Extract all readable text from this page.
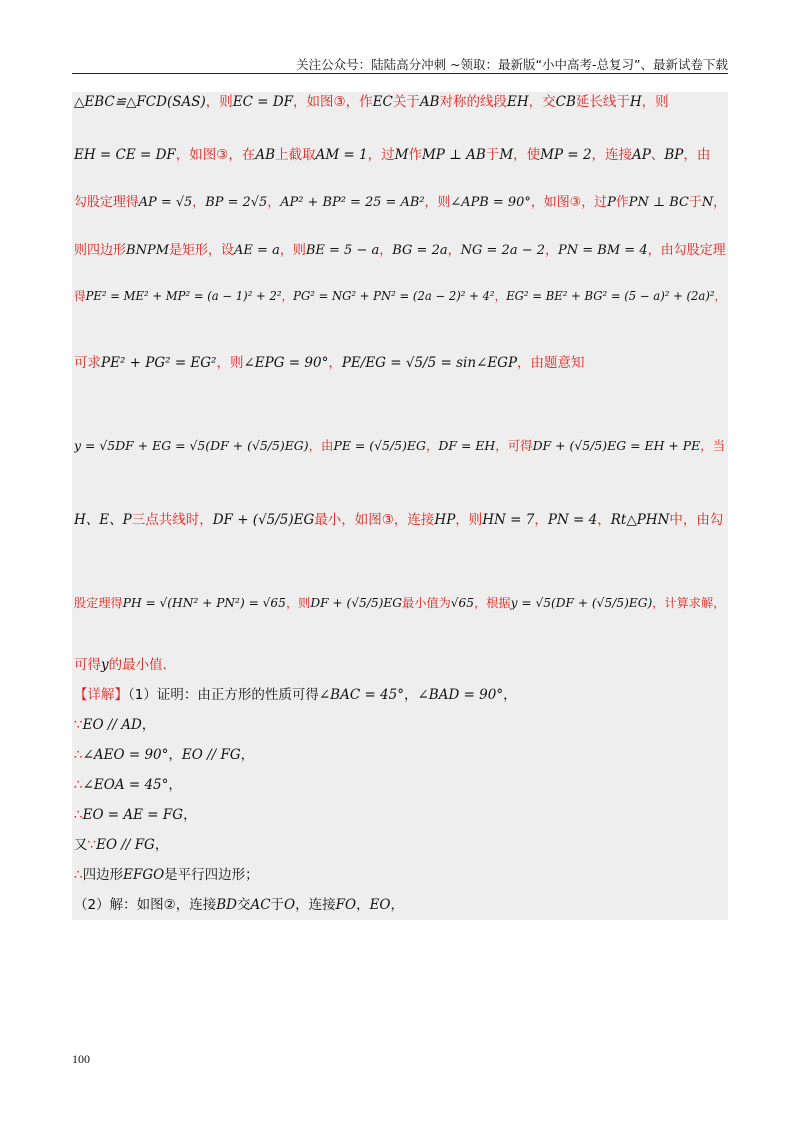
关注公众号：陆陆高分冲刺 ~领取：最新版“小中高考-总复习”、最新试卷下载
△EBC≌△FCD(SAS)，则EC = DF，如图③，作EC关于AB对称的线段EH，交CB延长线于H，则
EH = CE = DF，如图③，在AB上截取AM = 1，过M作MP ⊥ AB于M，使MP = 2，连接AP、BP，由
勾股定理得AP = √5，BP = 2√5，AP² + BP² = 25 = AB²，则∠APB = 90°，如图③，过P作PN ⊥ BC于N，
则四边形BNPM是矩形，设AE = a，则BE = 5 − a，BG = 2a，NG = 2a − 2，PN = BM = 4，由勾股定理
得PE² = ME² + MP² = (a − 1)² + 2²，PG² = NG² + PN² = (2a − 2)² + 4²，EG² = BE² + BG² = (5 − a)² + (2a)²，
可求PE² + PG² = EG²，则∠EPG = 90°，PE/EG = √5/5 = sin∠EGP，由题意知
y = √5DF + EG = √5(DF + (√5/5)EG)，由PE = (√5/5)EG，DF = EH，可得DF + (√5/5)EG = EH + PE，当
H、E、P三点共线时，DF + (√5/5)EG最小，如图③，连接HP，则HN = 7，PN = 4，Rt△PHN中，由勾
股定理得PH = √(HN² + PN²) = √65，则DF + (√5/5)EG最小值为√65，根据y = √5(DF + (√5/5)EG)，计算求解，
可得y的最小值．
【详解】（1）证明：由正方形的性质可得∠BAC = 45°，∠BAD = 90°，
∵EO // AD，
∴∠AEO = 90°，EO // FG，
∴∠EOA = 45°，
∴EO = AE = FG，
又∵EO // FG，
∴四边形EFGO是平行四边形；
（2）解：如图②，连接BD交AC于O，连接FO，EO，
100
